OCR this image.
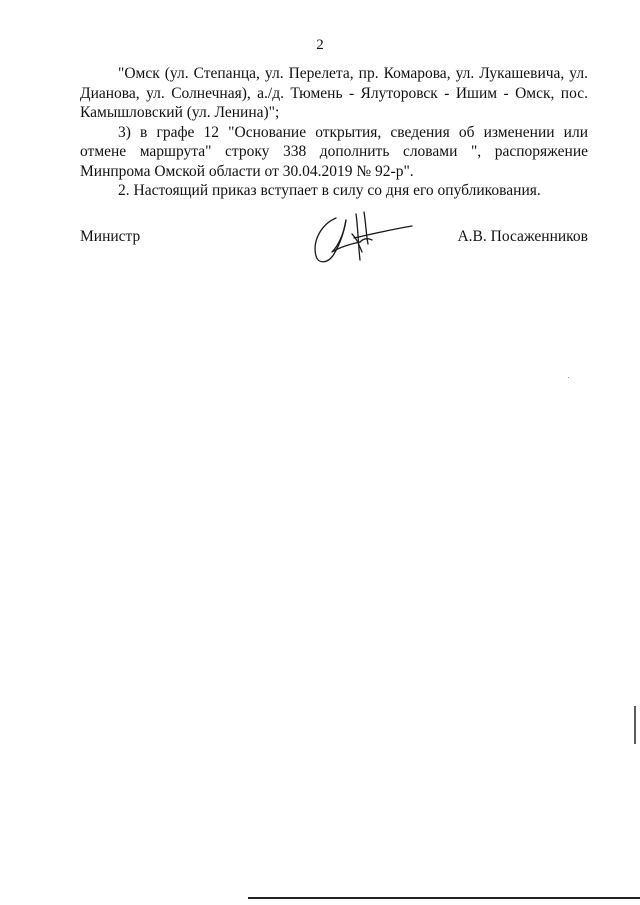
2

"Омск (ул. Степанца, ул. Перелета, пр. Комарова, ул. Лукашевича, ул. Дианова, ул. Солнечная), а./д. Тюмень - Ялуторовск - Ишим - Омск, пос. Камышловский (ул. Ленина)";

3) в графе 12 "Основание открытия, сведения об изменении или отмене маршрута" строку 338 дополнить словами ", распоряжение Минпрома Омской области от 30.04.2019 № 92-р".

2. Настоящий приказ вступает в силу со дня его опубликования.

Министр	А.В. Посаженников
